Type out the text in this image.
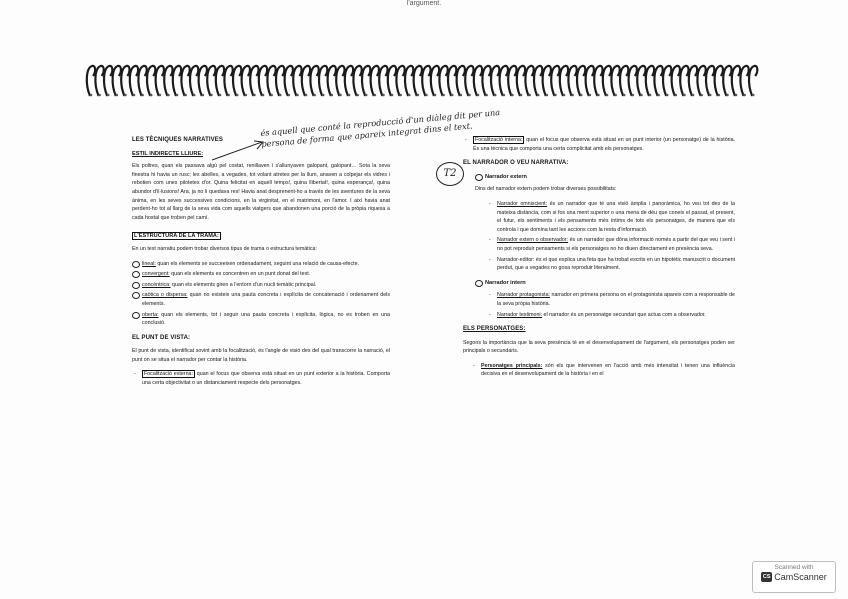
l'argument.
LES TÈCNIQUES NARRATIVES
ESTIL INDIRECTE LLIURE:
Els poltres, quan els passava algú pel costat, renillaven i s'allunyaven galopant, galopant… Sota la seva finestra hi havia un rusc; les abelles, a vegades, tot volant atretes per la llum, anaven a colpejar els vidres i rebotien com unes pilotetes d'or. Quina felicitat en aquell temps!, quina llibertat!, quina esperança!, quina abundor d'il·lusions! Ara, ja no li quedava res! Havia anat desprenent-ho a través de les aventures de la seva ànima, en les seves successives condicions, en la virginitat, en el matrimoni, en l'amor. I així havia anat perdent-ho tot al llarg de la seva vida com aquells viatgers que abandonen una porció de la pròpia riquesa a cada hostal que troben pel camí.
L'ESTRUCTURA DE LA TRAMA:
En un text narratiu podem trobar diversos tipus de trama o estructura temàtica:
lineal: quan els elements se succeeixen ordenadament, seguint una relació de causa-efecte.
convergent: quan els elements es concentren en un punt donat del text.
concèntrica: quan els elements giren a l'entorn d'un nucli temàtic principal.
caòtica o dispersa: quan no existeix una pauta concreta i explícita de concatenació i ordenament dels elements.
oberta: quan els elements, tot i seguir una pauta concreta i explícita, lògica, no es troben en una conclusió.
EL PUNT DE VISTA:
El punt de vista, identificat sovint amb la focalització, és l'angle de visió des del qual transcorre la narració, el punt on se situa el narrador per contar la història.
- Focalització externa: quan el focus que observa està situat en un punt exterior a la història. Comporta una certa objectivitat o un distanciament respecte dels personatges.
- Focalització interna: quan el focus que observa està situat en un punt interior (un personatge) de la història. És una tècnica que comporta una certa complicitat amb els personatges.
EL NARRADOR O VEU NARRATIVA:
Narrador extern
Dins del narrador extern podem trobar diverses possibilitats:
- Narrador omniscient: és un narrador que té una visió àmplia i panoràmica, ho veu tot des de la mateixa distància, com si fos una ment superior o una mena de déu que coneix el passat, el present, el futur, els sentiments i els pensaments més íntims de tots els personatges, de manera que els controla i que domina tant les accions com la resta d'informació.
- Narrador extern o observador: és un narrador que dóna informació només a partir del que veu i sent i no pot reproduir pensaments si els personatges no ho diuen directament en presència seva.
- Narrador-editor: és el que explica una feta que ha trobat escrits en un hipotètic manuscrit o document perdut, que a vegades no gosa reproduir literalment.
Narrador intern
- Narrador protagonista: narrador en primera persona on el protagonista apareix com a responsable de la seva pròpia història.
- Narrador testimoni: el narrador és un personatge secundari que actua com a observador.
ELS PERSONATGES:
Segons la importància que la seva presència té en el desenvolupament de l'argument, els personatges poden ser principals o secundaris.
- Personatges principals: són els que intervenen en l'acció amb més intensitat i tenen una influència decisiva en el desenvolupament de la història i en el
és aquell que conté la reproducció d'un diàleg dit per una persona de forma que apareix integrat dins el text.
T2
Scanned with
CS CamScanner
